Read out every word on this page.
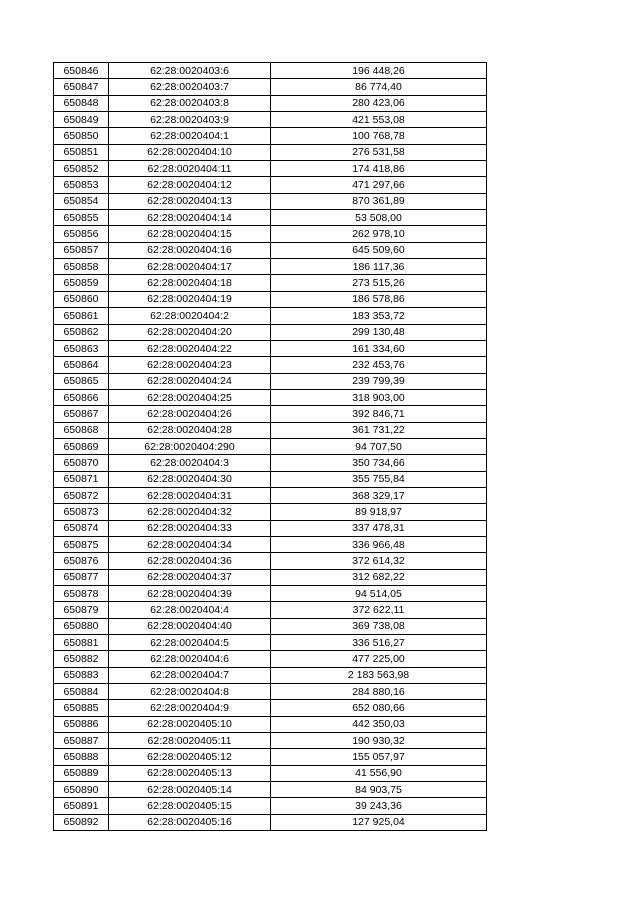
650846	62:28:0020403:6	196 448,26
650847	62:28:0020403:7	86 774,40
650848	62:28:0020403:8	280 423,06
650849	62:28:0020403:9	421 553,08
650850	62:28:0020404:1	100 768,78
650851	62:28:0020404:10	276 531,58
650852	62:28:0020404:11	174 418,86
650853	62:28:0020404:12	471 297,66
650854	62:28:0020404:13	870 361,89
650855	62:28:0020404:14	53 508,00
650856	62:28:0020404:15	262 978,10
650857	62:28:0020404:16	645 509,60
650858	62:28:0020404:17	186 117,36
650859	62:28:0020404:18	273 515,26
650860	62:28:0020404:19	186 578,86
650861	62:28:0020404:2	183 353,72
650862	62:28:0020404:20	299 130,48
650863	62:28:0020404:22	161 334,60
650864	62:28:0020404:23	232 453,76
650865	62:28:0020404:24	239 799,39
650866	62:28:0020404:25	318 903,00
650867	62:28:0020404:26	392 846,71
650868	62:28:0020404:28	361 731,22
650869	62:28:0020404:290	94 707,50
650870	62:28:0020404:3	350 734,66
650871	62:28:0020404:30	355 755,84
650872	62:28:0020404:31	368 329,17
650873	62:28:0020404:32	89 918,97
650874	62:28:0020404:33	337 478,31
650875	62:28:0020404:34	336 966,48
650876	62:28:0020404:36	372 614,32
650877	62:28:0020404:37	312 682,22
650878	62:28:0020404:39	94 514,05
650879	62:28:0020404:4	372 622,11
650880	62:28:0020404:40	369 738,08
650881	62:28:0020404:5	336 516,27
650882	62:28:0020404:6	477 225,00
650883	62:28:0020404:7	2 183 563,98
650884	62:28:0020404:8	284 880,16
650885	62:28:0020404:9	652 080,66
650886	62:28:0020405:10	442 350,03
650887	62:28:0020405:11	190 930,32
650888	62:28:0020405:12	155 057,97
650889	62:28:0020405:13	41 556,90
650890	62:28:0020405:14	84 903,75
650891	62:28:0020405:15	39 243,36
650892	62:28:0020405:16	127 925,04
